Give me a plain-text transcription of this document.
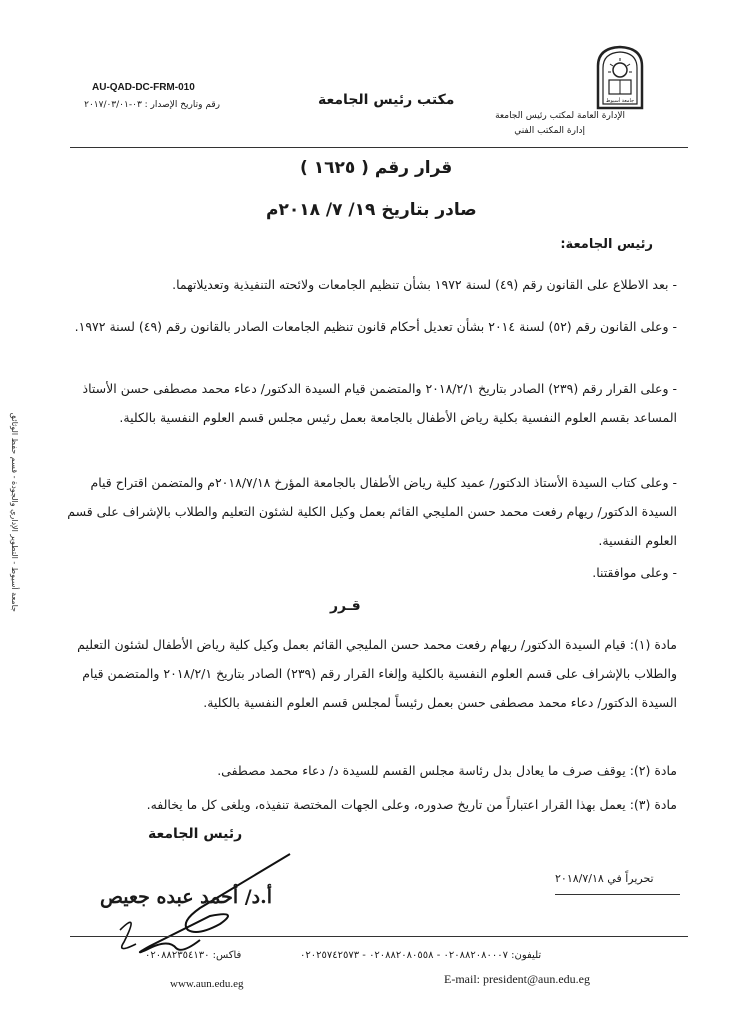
AU-QAD-DC-FRM-010
رقم وتاريخ الإصدار : ٠٣-٢٠١٧/٠٣/٠١	مكتب رئيس الجامعة
الإدارة العامة لمكتب رئيس الجامعة
إدارة المكتب الفني
جامعة أسيوط
قرار رقم ( ١٦٢٥ )
صادر بتاريخ ١٩/ ٧/ ٢٠١٨م
رئيس الجامعة:
- بعد الاطلاع على القانون رقم (٤٩) لسنة ١٩٧٢ بشأن تنظيم الجامعات ولائحته التنفيذية وتعديلاتهما.
- وعلى القانون رقم (٥٢) لسنة ٢٠١٤ بشأن تعديل أحكام قانون تنظيم الجامعات الصادر بالقانون رقم (٤٩) لسنة ١٩٧٢.
- وعلى القرار رقم (٢٣٩) الصادر بتاريخ ٢٠١٨/٢/١ والمتضمن قيام السيدة الدكتور/ دعاء محمد مصطفى حسن الأستاذ المساعد بقسم العلوم النفسية بكلية رياض الأطفال بالجامعة بعمل رئيس مجلس قسم العلوم النفسية بالكلية.
- وعلى كتاب السيدة الأستاذ الدكتور/ عميد كلية رياض الأطفال بالجامعة المؤرخ ٢٠١٨/٧/١٨م والمتضمن اقتراح قيام السيدة الدكتور/ ريهام رفعت محمد حسن المليجي القائم بعمل وكيل الكلية لشئون التعليم والطلاب بالإشراف على قسم العلوم النفسية.
- وعلى موافقتنا.
قـرر
مادة (١): قيام السيدة الدكتور/ ريهام رفعت محمد حسن المليجي القائم بعمل وكيل كلية رياض الأطفال لشئون التعليم والطلاب بالإشراف على قسم العلوم النفسية بالكلية وإلغاء القرار رقم (٢٣٩) الصادر بتاريخ ٢٠١٨/٢/١ والمتضمن قيام السيدة الدكتور/ دعاء محمد مصطفى حسن بعمل رئيساً لمجلس قسم العلوم النفسية بالكلية.
مادة (٢): يوقف صرف ما يعادل بدل رئاسة مجلس القسم للسيدة د/ دعاء محمد مصطفى.
مادة (٣): يعمل بهذا القرار اعتباراً من تاريخ صدوره، وعلى الجهات المختصة تنفيذه، ويلغى كل ما يخالفه.
رئيس الجامعة
تحريراً في ٢٠١٨/٧/١٨
أ.د/ أحمد عبده جعيص
جامعة أسيوط - التطوير الإداري والجودة - قسم حفظ الوثائق
تليفون: ٠٢٠٨٨٢٠٨٠٠٠٧ - ٠٢٠٨٨٢٠٨٠٥٥٨ - ٠٢٠٢٥٧٤٢٥٧٣
فاكس: ٠٢٠٨٨٢٣٥٤١٣٠
www.aun.edu.eg	E-mail: president@aun.edu.eg
